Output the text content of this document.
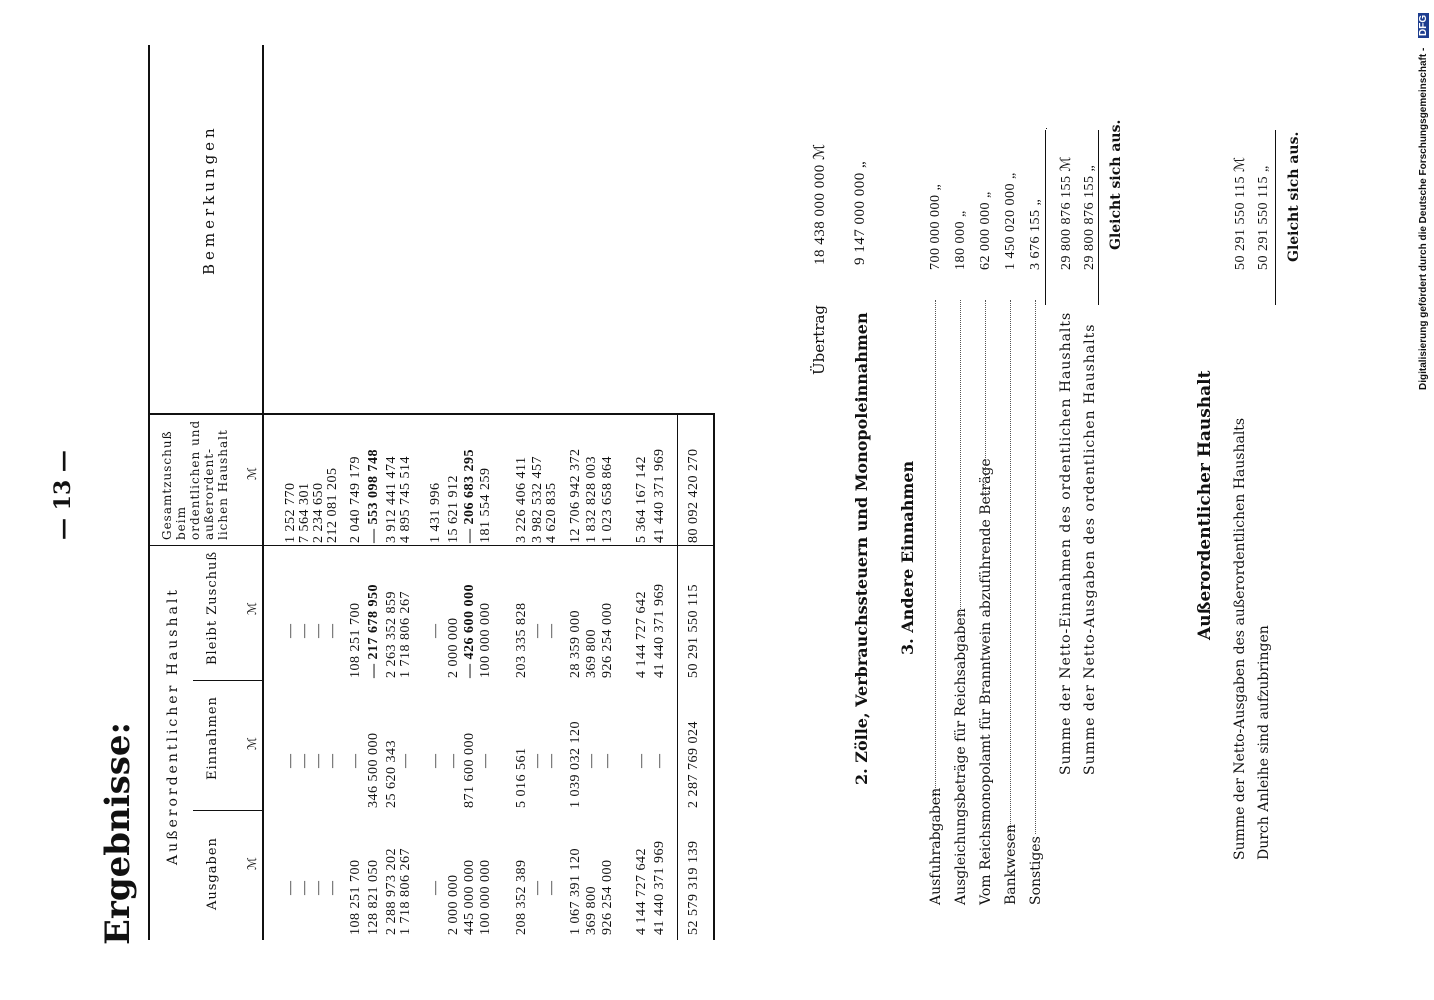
— 13 —
Ergebnisse: Außerordentlicher Haushalt
Ausgaben
Einnahmen
Bleibt Zuschuß
Gesamtzuschuß beim ordentlichen und außerordent-lichen Haushalt
Bemerkungen
ℳ
ℳ
ℳ
ℳ
—
—
—
1 252 770
—
—
—
7 564 301
—
—
—
2 234 650
—
—
—
212 081 205
108 251 700
—
108 251 700
2 040 749 179
128 821 050
346 500 000
— 217 678 950
— 553 098 748
2 288 973 202
25 620 343
2 263 352 859
3 912 441 474
1 718 806 267
—
1 718 806 267
4 895 745 514
—
—
—
1 431 996
2 000 000
—
2 000 000
15 621 912
445 000 000
871 600 000
— 426 600 000
— 206 683 295
100 000 000
—
100 000 000
181 554 259
208 352 389
5 016 561
203 335 828
3 226 406 411
—
—
—
3 982 532 457
—
—
—
4 620 835
1 067 391 120
1 039 032 120
28 359 000
12 706 942 372
369 800
—
369 800
1 832 828 003
926 254 000
—
926 254 000
1 023 658 864
4 144 727 642
—
4 144 727 642
5 364 167 142
41 440 371 969
—
41 440 371 969
41 440 371 969
52 579 319 139
2 287 769 024
50 291 550 115
80 092 420 270
Übertrag
18 438 000 000 ℳ
2. Zölle, Verbrauchssteuern und Monopoleinnahmen
9 147 000 000 „
3. Andere Einnahmen
Ausfuhrabgaben
700 000 000 „
Ausgleichungsbeträge für Reichsabgaben
180 000 „
Vom Reichsmonopolamt für Branntwein abzuführende Beträge
62 000 000 „
Bankwesen
1 450 020 000 „
Sonstiges
3 676 155 „
Summe der Netto-Einnahmen des ordentlichen Haushalts
29 800 876 155 ℳ
Summe der Netto-Ausgaben des ordentlichen Haushalts
29 800 876 155 „ Gleicht sich aus.
Außerordentlicher Haushalt Summe der Netto-Ausgaben des außerordentlichen Haushalts
50 291 550 115 ℳ
Durch Anleihe sind aufzubringen
50 291 550 115 „ Gleicht sich aus.	Digitalisierung gefördert durch die Deutsche Forschungsgemeinschaft -
DFG
